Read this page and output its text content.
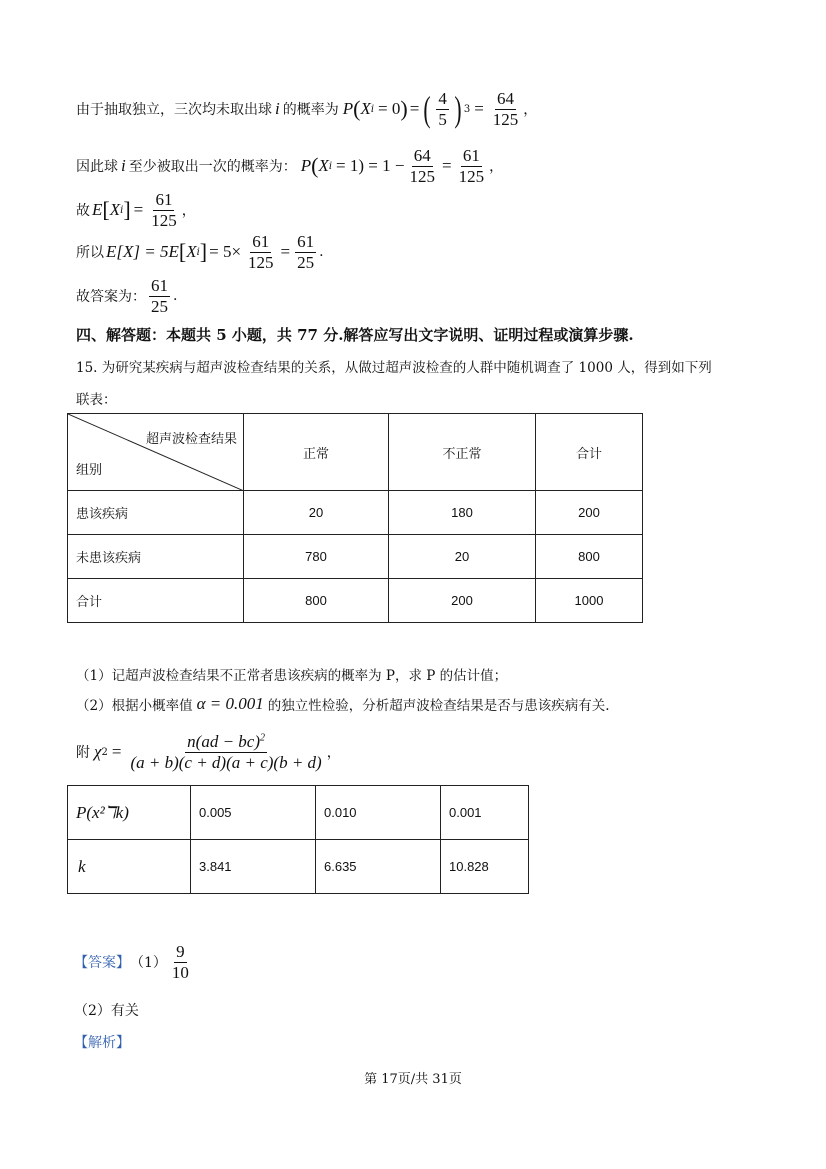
由于抽取独立，三次均未取出球 i 的概率为 P ( X i = 0 ) = ( $\frac{4}{5}$ ) $3 = \frac{64}{125}$ ，
因此球 i 至少被取出一次的概率为： P ( X $i = 1) = 1 - \frac{64}{125} = \frac{61}{125}$ ，
故 E [ X i ] = $\frac{61}{125}$ ，
所以 E[X] = 5E [ X i ] = $5\times \frac{61}{125} = \frac{61}{25}$ .
故答案为： $\frac{61}{25}$ .
四、解答题：本题共 5 小题，共 77 分.解答应写出文字说明、证明过程或演算步骤.
15. 为研究某疾病与超声波检查结果的关系，从做过超声波检查的人群中随机调查了 1000 人，得到如下列
联表：
超声波检查结果
组别	正常	不正常	合计
患该疾病	20	180	200
未患该疾病	780	20	800
合计	800	200	1000
（1）记超声波检查结果不正常者患该疾病的概率为 P，求 P 的估计值；
（2）根据小概率值 α = 0.001 的独立性检验，分析超声波检查结果是否与患该疾病有关.
附 χ $2 = \frac{n(ad - bc)^2}{(a + b)(c + d)(a + c)(b + d)}$ ，
P(x²ℸk)	0.005	0.010	0.001
k	3.841	6.635	10.828
【答案】 $(1) \frac{9}{10}$
（2）有关
【解析】
第 17页/共 31页
